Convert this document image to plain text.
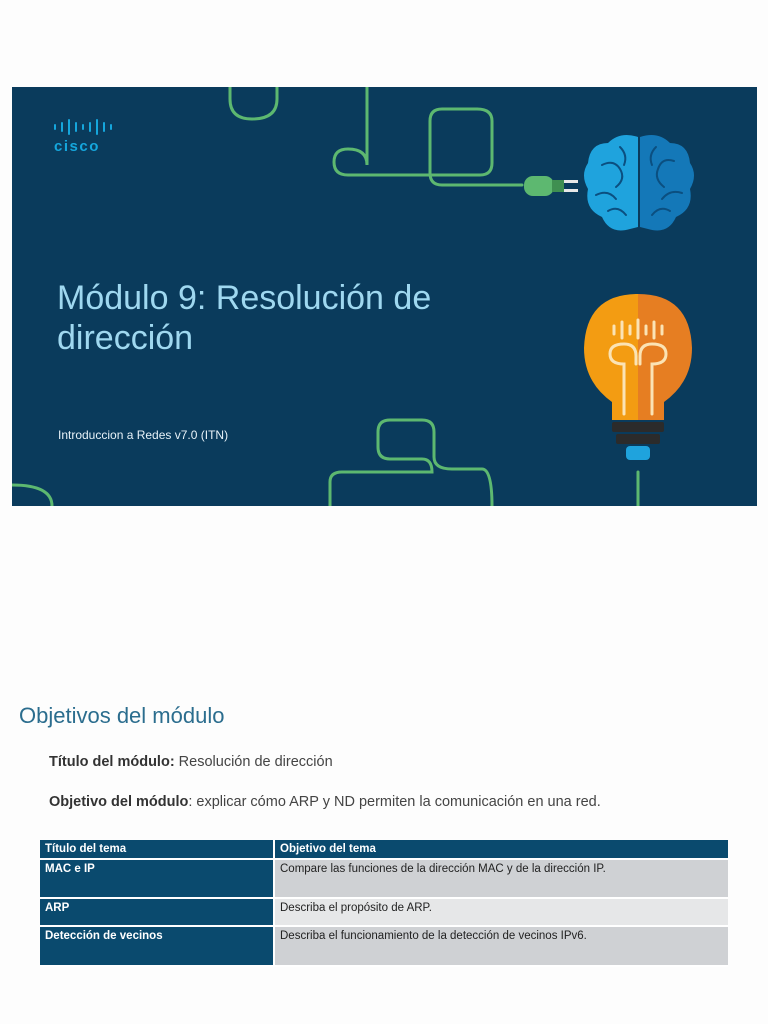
cisco
Módulo 9: Resolución de dirección
Introduccion a Redes v7.0 (ITN)
Objetivos del módulo
Título del módulo: Resolución de dirección
Objetivo del módulo: explicar cómo ARP y ND permiten la comunicación en una red.
Título del tema	Objetivo del tema
MAC e IP	Compare las funciones de la dirección MAC y de la dirección IP.
ARP	Describa el propósito de ARP.
Detección de vecinos	Describa el funcionamiento de la detección de vecinos IPv6.
